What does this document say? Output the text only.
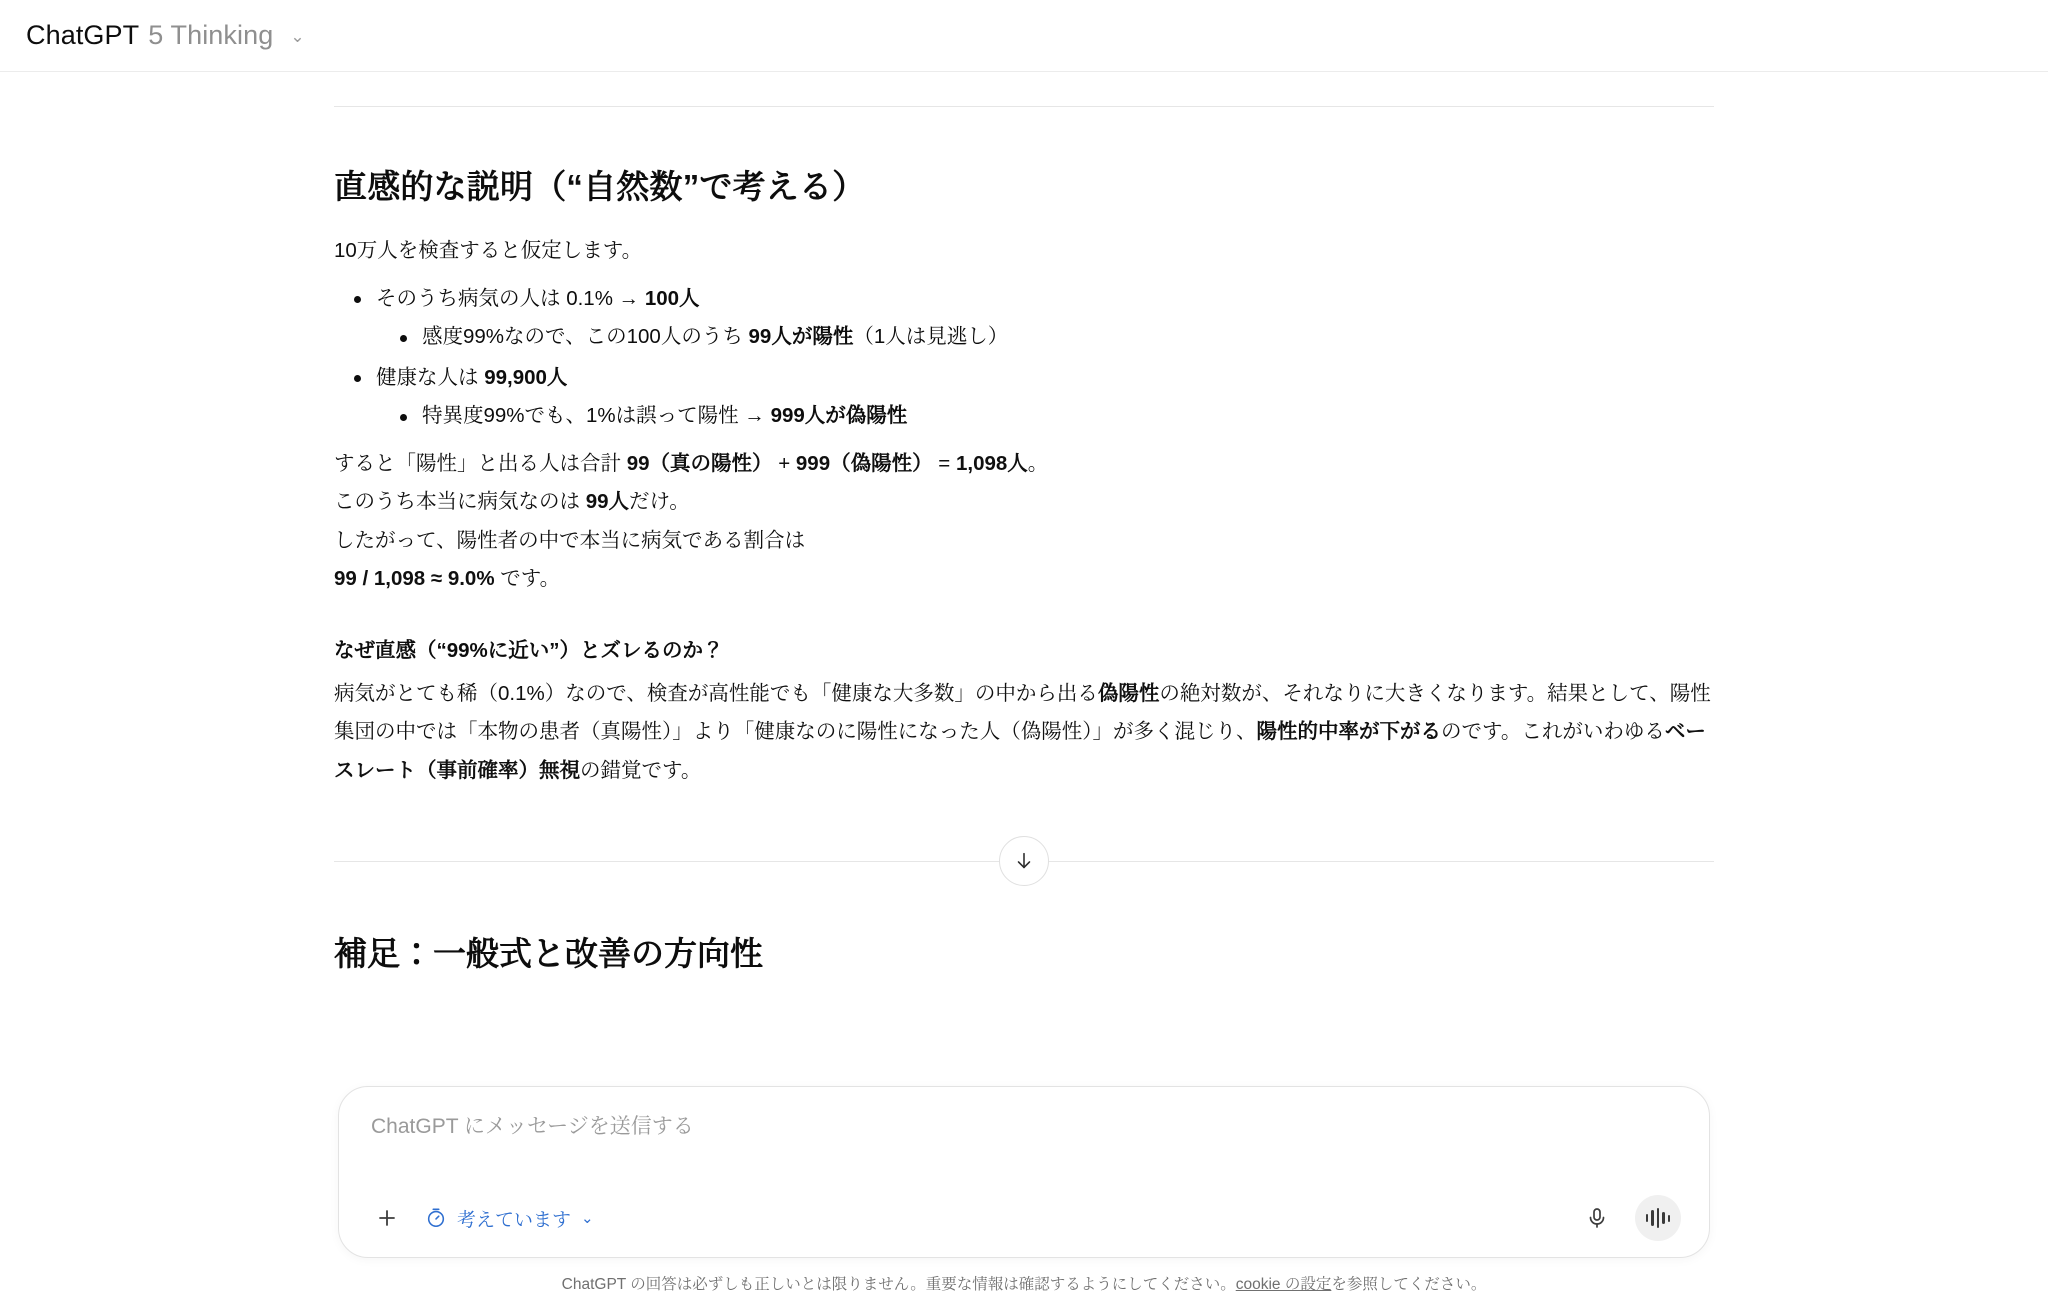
ChatGPT 5 Thinking ⌄
直感的な説明（“自然数”で考える）

10万人を検査すると仮定します。

そのうち病気の人は 0.1% → 100人
感度99%なので、この100人のうち 99人が陽性（1人は見逃し）
健康な人は 99,900人
特異度99%でも、1%は誤って陽性 → 999人が偽陽性

すると「陽性」と出る人は合計 99（真の陽性） + 999（偽陽性） = 1,098人。

このうち本当に病気なのは 99人だけ。

したがって、陽性者の中で本当に病気である割合は

99 / 1,098 ≈ 9.0% です。

なぜ直感（“99%に近い”）とズレるのか？

病気がとても稀（0.1%）なので、検査が高性能でも「健康な大多数」の中から出る偽陽性の絶対数が、それなりに大きくなります。結果として、陽性集団の中では「本物の患者（真陽性）」より「健康なのに陽性になった人（偽陽性）」が多く混じり、陽性的中率が下がるのです。これがいわゆるベースレート（事前確率）無視の錯覚です。

補足：一般式と改善の方向性
ChatGPT にメッセージを送信する
考えています ⌄
ChatGPT の回答は必ずしも正しいとは限りません。重要な情報は確認するようにしてください。cookie の設定を参照してください。
